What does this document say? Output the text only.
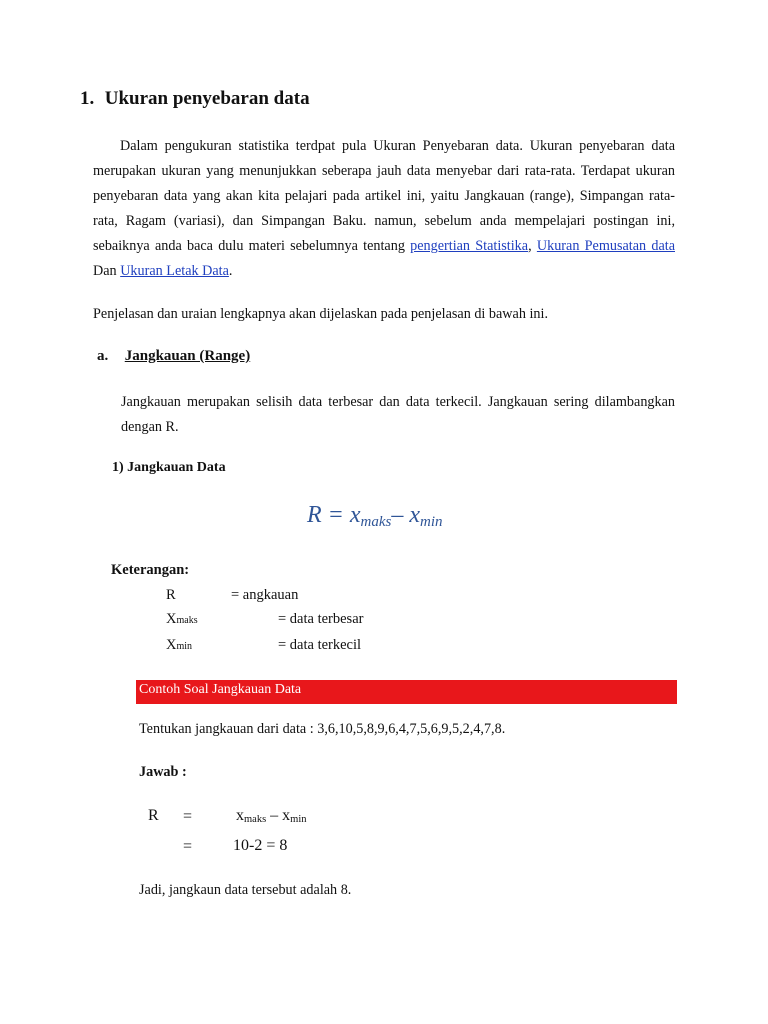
1. Ukuran penyebaran data
Dalam pengukuran statistika terdpat pula Ukuran Penyebaran data. Ukuran penyebaran data merupakan ukuran yang menunjukkan seberapa jauh data menyebar dari rata-rata. Terdapat ukuran penyebaran data yang akan kita pelajari pada artikel ini, yaitu Jangkauan (range), Simpangan rata-rata, Ragam (variasi), dan Simpangan Baku. namun, sebelum anda mempelajari postingan ini, sebaiknya anda baca dulu materi sebelumnya tentang pengertian Statistika, Ukuran Pemusatan data Dan Ukuran Letak Data.
Penjelasan dan uraian lengkapnya akan dijelaskan pada penjelasan di bawah ini.
a. Jangkauan (Range)
Jangkauan merupakan selisih data terbesar dan data terkecil. Jangkauan sering dilambangkan dengan R.
1) Jangkauan Data
$R = x_{maks}-$ $x_{min}$
Keterangan:
R	= angkauan
Xmaks	= data terbesar
Xmin	= data terkecil
Contoh Soal Jangkauan Data
Tentukan jangkauan dari data : 3,6,10,5,8,9,6,4,7,5,6,9,5,2,4,7,8.
Jawab :
R =	$x_{maks} - x_{min}$
=	10-2 = 8
Jadi, jangkaun data tersebut adalah 8.
